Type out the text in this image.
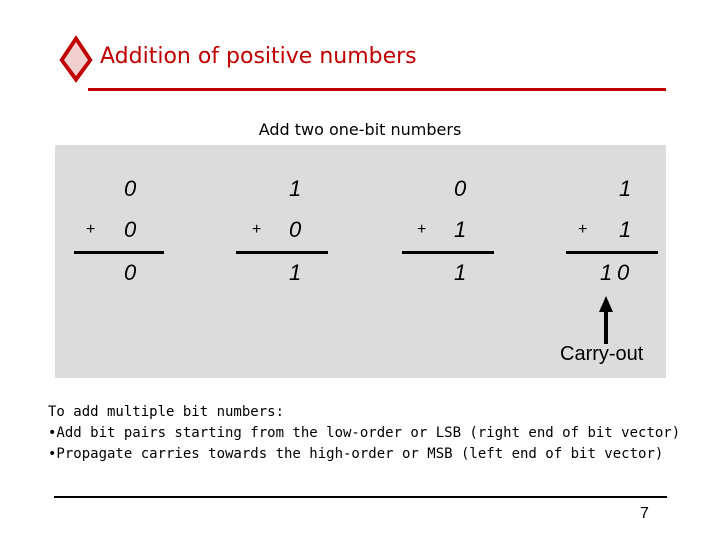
Addition of positive numbers
Add two one-bit numbers
0
+ 0
0
1
+ 0
1
0
+ 1
1
1
+ 1
1 0
Carry-out
To add multiple bit numbers:
•Add bit pairs starting from the low-order or LSB (right end of bit vector)
•Propagate carries towards the high-order or MSB (left end of bit vector)
7
